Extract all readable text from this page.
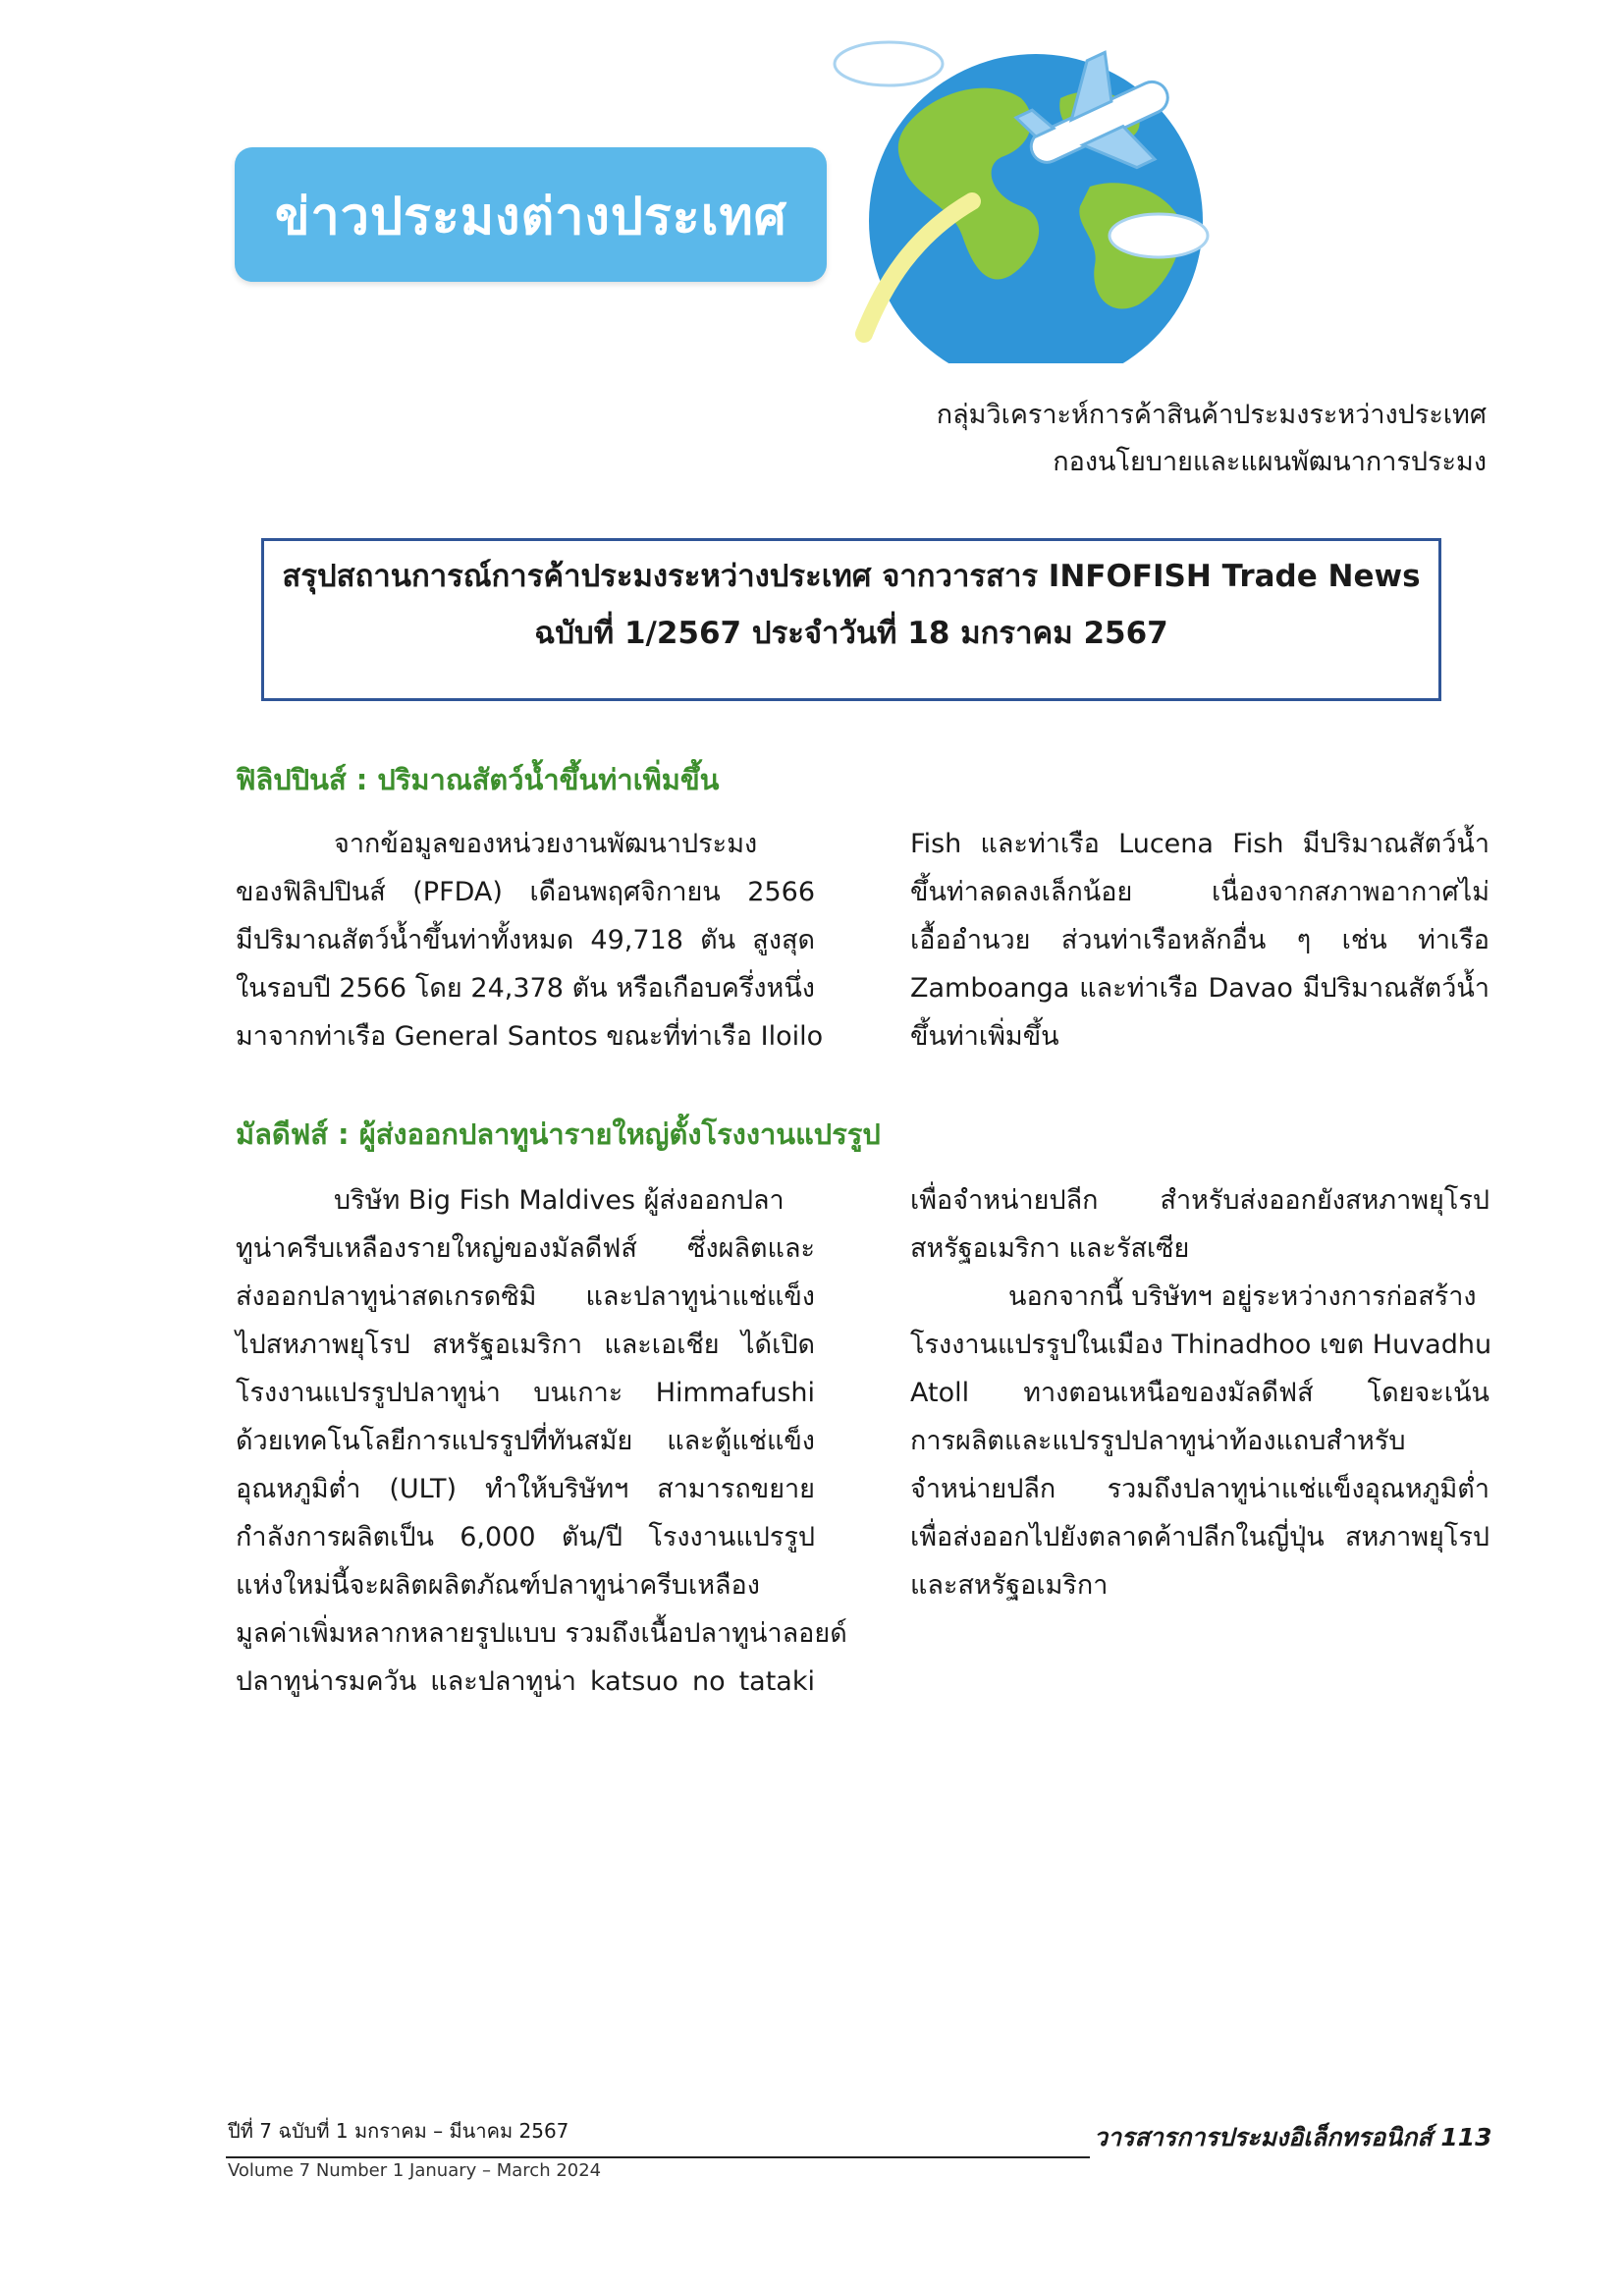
ข่าวประมงต่างประเทศ
กลุ่มวิเคราะห์การค้าสินค้าประมงระหว่างประเทศ
กองนโยบายและแผนพัฒนาการประมง
สรุปสถานการณ์การค้าประมงระหว่างประเทศ จากวารสาร INFOFISH Trade News
ฉบับที่ 1/2567 ประจำวันที่ 18 มกราคม 2567
ฟิลิปปินส์ : ปริมาณสัตว์น้ำขึ้นท่าเพิ่มขึ้น
จากข้อมูลของหน่วยงานพัฒนาประมง
ของฟิลิปปินส์ (PFDA) เดือนพฤศจิกายน 2566
มีปริมาณสัตว์น้ำขึ้นท่าทั้งหมด 49,718 ตัน สูงสุด
ในรอบปี 2566 โดย 24,378 ตัน หรือเกือบครึ่งหนึ่ง
มาจากท่าเรือ General Santos ขณะที่ท่าเรือ Iloilo
Fish และท่าเรือ Lucena Fish มีปริมาณสัตว์น้ำ
ขึ้นท่าลดลงเล็กน้อย เนื่องจากสภาพอากาศไม่
เอื้ออำนวย ส่วนท่าเรือหลักอื่น ๆ เช่น ท่าเรือ
Zamboanga และท่าเรือ Davao มีปริมาณสัตว์น้ำ
ขึ้นท่าเพิ่มขึ้น
มัลดีฟส์ : ผู้ส่งออกปลาทูน่ารายใหญ่ตั้งโรงงานแปรรูป
บริษัท Big Fish Maldives ผู้ส่งออกปลา
ทูน่าครีบเหลืองรายใหญ่ของมัลดีฟส์ ซึ่งผลิตและ
ส่งออกปลาทูน่าสดเกรดซิมิ และปลาทูน่าแช่แข็ง
ไปสหภาพยุโรป สหรัฐอเมริกา และเอเชีย ได้เปิด
โรงงานแปรรูปปลาทูน่า บนเกาะ Himmafushi
ด้วยเทคโนโลยีการแปรรูปที่ทันสมัย และตู้แช่แข็ง
อุณหภูมิต่ำ (ULT) ทำให้บริษัทฯ สามารถขยาย
กำลังการผลิตเป็น 6,000 ตัน/ปี โรงงานแปรรูป
แห่งใหม่นี้จะผลิตผลิตภัณฑ์ปลาทูน่าครีบเหลือง
มูลค่าเพิ่มหลากหลายรูปแบบ รวมถึงเนื้อปลาทูน่าลอยด์
ปลาทูน่ารมควัน และปลาทูน่า katsuo no tataki
เพื่อจำหน่ายปลีก สำหรับส่งออกยังสหภาพยุโรป
สหรัฐอเมริกา และรัสเซีย
นอกจากนี้ บริษัทฯ อยู่ระหว่างการก่อสร้าง
โรงงานแปรรูปในเมือง Thinadhoo เขต Huvadhu
Atoll ทางตอนเหนือของมัลดีฟส์ โดยจะเน้น
การผลิตและแปรรูปปลาทูน่าท้องแถบสำหรับ
จำหน่ายปลีก รวมถึงปลาทูน่าแช่แข็งอุณหภูมิต่ำ
เพื่อส่งออกไปยังตลาดค้าปลีกในญี่ปุ่น สหภาพยุโรป
และสหรัฐอเมริกา
ปีที่ 7 ฉบับที่ 1 มกราคม – มีนาคม 2567
Volume 7 Number 1 January – March 2024
วารสารการประมงอิเล็กทรอนิกส์ 113
